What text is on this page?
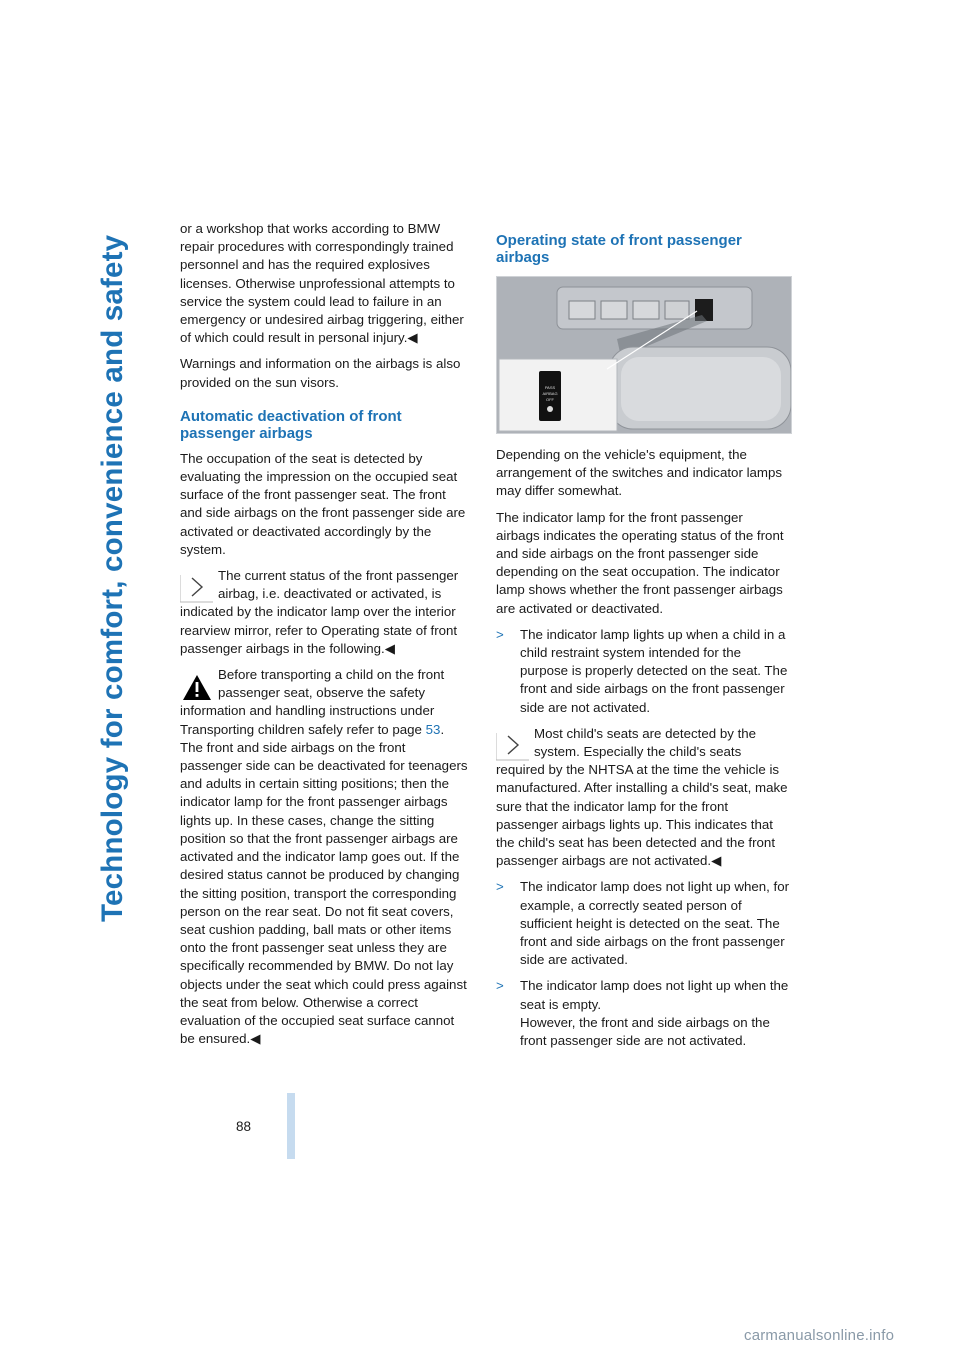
Technology for comfort, convenience and safety

or a workshop that works according to BMW repair procedures with correspondingly trained personnel and has the required explosives licenses. Otherwise unprofessional attempts to service the system could lead to failure in an emergency or undesired airbag triggering, either of which could result in personal injury.◀

Warnings and information on the airbags is also provided on the sun visors.

Automatic deactivation of front passenger airbags

The occupation of the seat is detected by evaluating the impression on the occupied seat surface of the front passenger seat. The front and side airbags on the front passenger side are activated or deactivated accordingly by the system.

The current status of the front passenger airbag, i.e. deactivated or activated, is indicated by the indicator lamp over the interior rearview mirror, refer to Operating state of front passenger airbags in the following.◀
Before transporting a child on the front passenger seat, observe the safety information and handling instructions under Transporting children safely refer to page 53.

The front and side airbags on the front passenger side can be deactivated for teenagers and adults in certain sitting positions; then the indicator lamp for the front passenger airbags lights up. In these cases, change the sitting position so that the front passenger airbags are activated and the indicator lamp goes out. If the desired status cannot be produced by changing the sitting position, transport the corresponding person on the rear seat. Do not fit seat covers, seat cushion padding, ball mats or other items onto the front passenger seat unless they are specifically recommended by BMW. Do not lay objects under the seat which could press against the seat from below. Otherwise a correct evaluation of the occupied seat surface cannot be ensured.◀

Operating state of front passenger airbags
PASS
AIRBAG
OFF

Depending on the vehicle's equipment, the arrangement of the switches and indicator lamps may differ somewhat.

The indicator lamp for the front passenger airbags indicates the operating status of the front and side airbags on the front passenger side depending on the seat occupation. The indicator lamp shows whether the front passenger airbags are activated or deactivated.

> The indicator lamp lights up when a child in a child restraint system intended for the purpose is properly detected on the seat. The front and side airbags on the front passenger side are not activated.
Most child's seats are detected by the system. Especially the child's seats required by the NHTSA at the time the vehicle is manufactured. After installing a child's seat, make sure that the indicator lamp for the front passenger airbags lights up. This indicates that the child's seat has been detected and the front passenger airbags are not activated.◀
> The indicator lamp does not light up when, for example, a correctly seated person of sufficient height is detected on the seat. The front and side airbags on the front passenger side are activated.
> The indicator lamp does not light up when the seat is empty.
However, the front and side airbags on the front passenger side are not activated.
88
carmanualsonline.info
